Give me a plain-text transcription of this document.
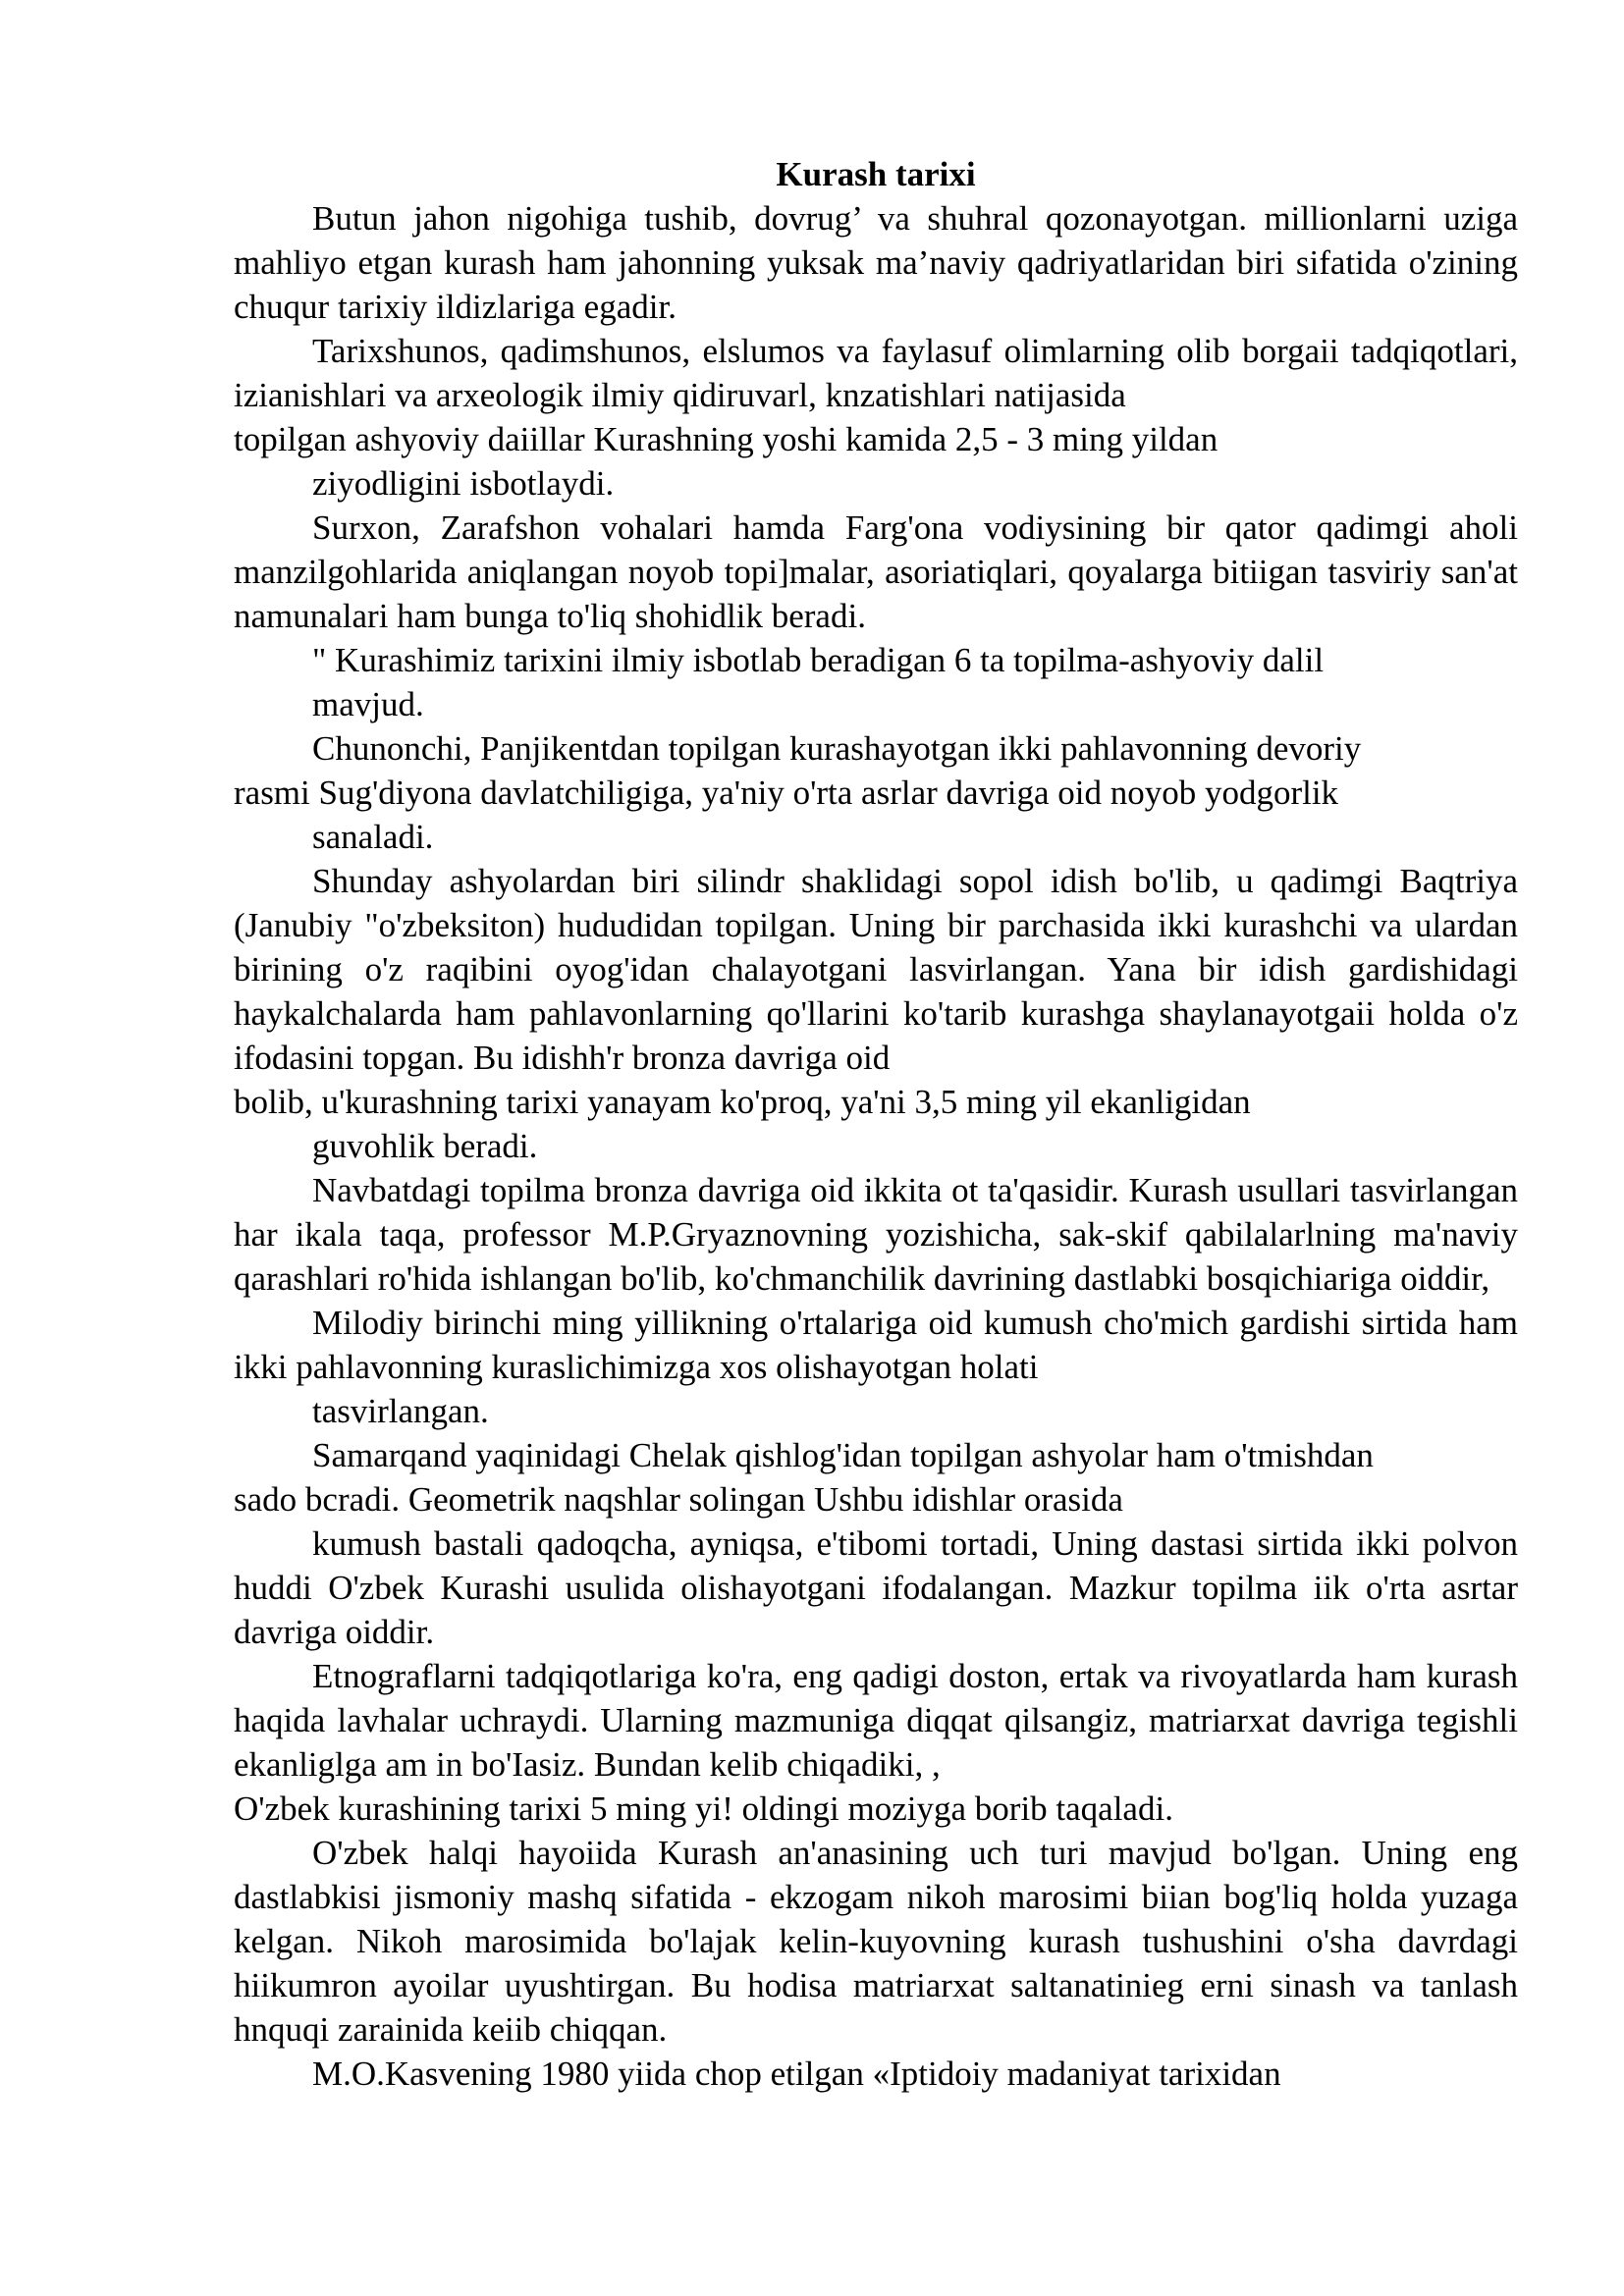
Kurash tarixi

Butun jahon nigohiga tushib, dovrug’ va shuhral qozonayotgan. millionlarni uziga mahliyo etgan kurash ham jahonning yuksak ma’naviy qadriyatlaridan biri sifatida o'zining chuqur tarixiy ildizlariga egadir.

Tarixshunos, qadimshunos, elslumos va faylasuf olimlarning olib borgaii tadqiqotlari, izianishlari va arxeologik ilmiy qidiruvarl, knzatishlari natijasida

topilgan ashyoviy daiillar Kurashning yoshi kamida 2,5 - 3 ming yildan

ziyodligini isbotlaydi.

Surxon, Zarafshon vohalari hamda Farg'ona vodiysining bir qator qadimgi aholi manzilgohlarida aniqlangan noyob topi]malar, asoriatiqlari, qoyalarga bitiigan tasviriy san'at namunalari ham bunga to'liq shohidlik beradi.

" Kurashimiz tarixini ilmiy isbotlab beradigan 6 ta topilma-ashyoviy dalil

mavjud.

Chunonchi, Panjikentdan topilgan kurashayotgan ikki pahlavonning devoriy

rasmi Sug'diyona davlatchiligiga, ya'niy o'rta asrlar davriga oid noyob yodgorlik

sanaladi.

Shunday ashyolardan biri silindr shaklidagi sopol idish bo'lib, u qadimgi Baqtriya (Janubiy "o'zbeksiton) hududidan topilgan. Uning bir parchasida ikki kurashchi va ulardan birining o'z raqibini oyog'idan chalayotgani lasvirlangan. Yana bir idish gardishidagi haykalchalarda ham pahlavonlarning qo'llarini ko'tarib kurashga shaylanayotgaii holda o'z ifodasini topgan. Bu idishh'r bronza davriga oid

bolib, u'kurashning tarixi yanayam ko'proq, ya'ni 3,5 ming yil ekanligidan

guvohlik beradi.

Navbatdagi topilma bronza davriga oid ikkita ot ta'qasidir. Kurash usullari tasvirlangan har ikala taqa, professor M.P.Gryaznovning yozishicha, sak-skif qabilalarlning ma'naviy qarashlari ro'hida ishlangan bo'lib, ko'chmanchilik davrining dastlabki bosqichiariga oiddir,

Milodiy birinchi ming yillikning o'rtalariga oid kumush cho'mich gardishi sirtida ham ikki pahlavonning kuraslichimizga xos olishayotgan holati

tasvirlangan.

Samarqand yaqinidagi Chelak qishlog'idan topilgan ashyolar ham o'tmishdan

sado bcradi. Geometrik naqshlar solingan Ushbu idishlar orasida

kumush bastali qadoqcha, ayniqsa, e'tibomi tortadi, Uning dastasi sirtida ikki polvon huddi O'zbek Kurashi usulida olishayotgani ifodalangan. Mazkur topilma iik o'rta asrtar davriga oiddir.

Etnograflarni tadqiqotlariga ko'ra, eng qadigi doston, ertak va rivoyatlarda ham kurash haqida lavhalar uchraydi. Ularning mazmuniga diqqat qilsangiz, matriarxat davriga tegishli ekanliglga am in bo'Iasiz. Bundan kelib chiqadiki, ,

O'zbek kurashining tarixi 5 ming yi! oldingi moziyga borib taqaladi.

O'zbek halqi hayoiida Kurash an'anasining uch turi mavjud bo'lgan. Uning eng dastlabkisi jismoniy mashq sifatida - ekzogam nikoh marosimi biian bog'liq holda yuzaga kelgan. Nikoh marosimida bo'lajak kelin-kuyovning kurash tushushini o'sha davrdagi hiikumron ayoilar uyushtirgan. Bu hodisa matriarxat saltanatinieg erni sinash va tanlash hnquqi zarainida keiib chiqqan.

M.O.Kasvening 1980 yiida chop etilgan «Iptidoiy madaniyat tarixidan
